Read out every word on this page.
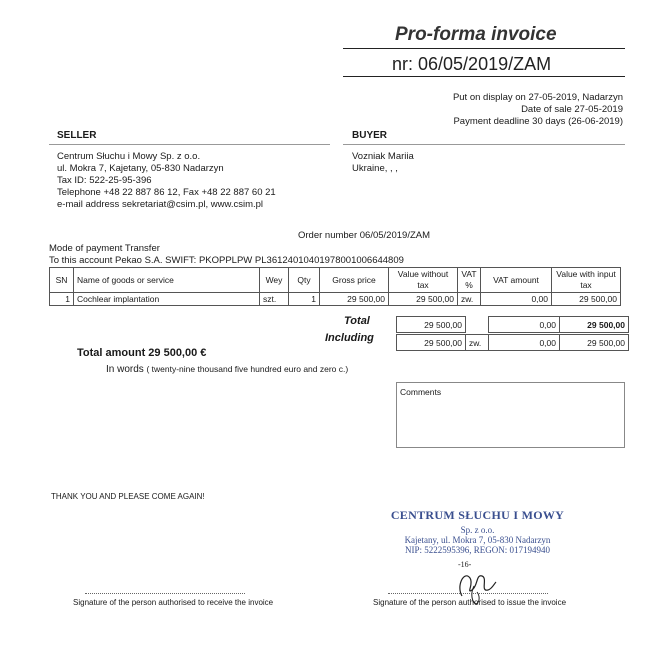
Pro-forma invoice
nr: 06/05/2019/ZAM
Put on display on 27-05-2019, Nadarzyn
Date of sale 27-05-2019
Payment deadline 30 days (26-06-2019)
SELLER
Centrum Słuchu i Mowy Sp. z o.o.
ul. Mokra 7, Kajetany, 05-830 Nadarzyn
Tax ID: 522-25-95-396
Telephone +48 22 887 86 12, Fax +48 22 887 60 21
e-mail address sekretariat@csim.pl, www.csim.pl
BUYER
Vozniak Mariia
Ukraine, , ,
Order number 06/05/2019/ZAM
Mode of payment Transfer
To this account Pekao S.A. SWIFT: PKOPPLPW PL36124010401978001006644809
SN	Name of goods or service	Wey	Qty	Gross price	Value without tax	VAT %	VAT amount	Value with input tax
1	Cochlear implantation	szt.	1	29 500,00	29 500,00	zw.	0,00	29 500,00
Total	29 500,00		0,00	29 500,00
Including	29 500,00	zw.	0,00	29 500,00
Total amount 29 500,00 €
In words ( twenty-nine thousand five hundred euro and zero c.)
Comments
THANK YOU AND PLEASE COME AGAIN!
CENTRUM SŁUCHU I MOWY
Sp. z o.o.
Kajetany, ul. Mokra 7, 05-830 Nadarzyn
NIP: 5222595396, REGON: 017194940
-16-
Signature of the person authorised to receive the invoice	Signature of the person authorised to issue the invoice
